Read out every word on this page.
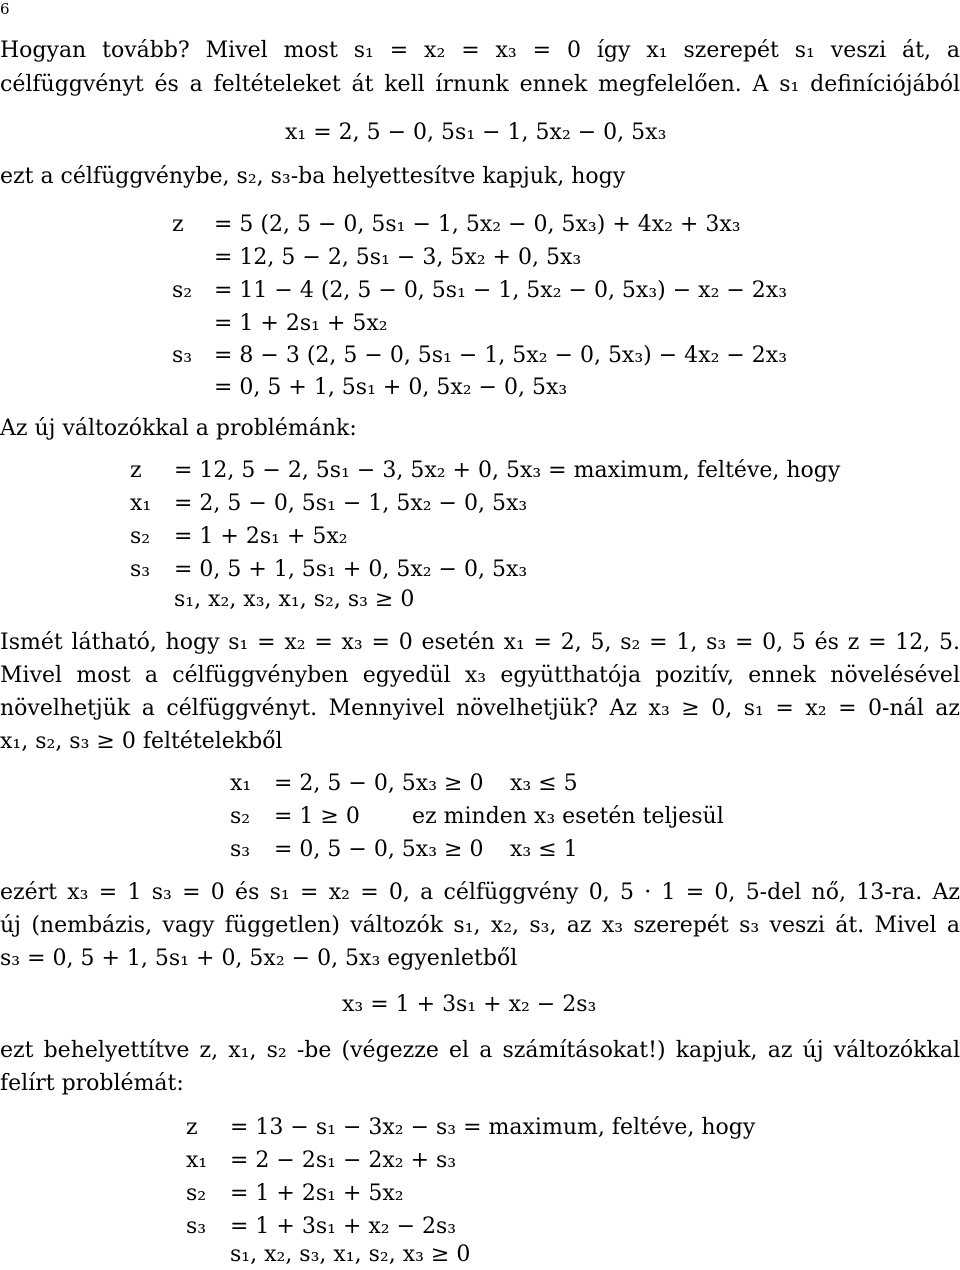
6
Hogyan tovább? Mivel most s₁ = x₂ = x₃ = 0 így x₁ szerepét s₁ veszi át, a
célfüggvényt és a feltételeket át kell írnunk ennek megfelelően. A s₁ definíciójából
x₁ = 2, 5 − 0, 5s₁ − 1, 5x₂ − 0, 5x₃
ezt a célfüggvénybe, s₂, s₃-ba helyettesítve kapjuk, hogy
z = 5 (2, 5 − 0, 5s₁ − 1, 5x₂ − 0, 5x₃) + 4x₂ + 3x₃
= 12, 5 − 2, 5s₁ − 3, 5x₂ + 0, 5x₃
s₂ = 11 − 4 (2, 5 − 0, 5s₁ − 1, 5x₂ − 0, 5x₃) − x₂ − 2x₃
= 1 + 2s₁ + 5x₂
s₃ = 8 − 3 (2, 5 − 0, 5s₁ − 1, 5x₂ − 0, 5x₃) − 4x₂ − 2x₃
= 0, 5 + 1, 5s₁ + 0, 5x₂ − 0, 5x₃
Az új változókkal a problémánk:
z = 12, 5 − 2, 5s₁ − 3, 5x₂ + 0, 5x₃ = maximum, feltéve, hogy
x₁ = 2, 5 − 0, 5s₁ − 1, 5x₂ − 0, 5x₃
s₂ = 1 + 2s₁ + 5x₂
s₃ = 0, 5 + 1, 5s₁ + 0, 5x₂ − 0, 5x₃
s₁, x₂, x₃, x₁, s₂, s₃ ≥ 0
Ismét látható, hogy s₁ = x₂ = x₃ = 0 esetén x₁ = 2, 5, s₂ = 1, s₃ = 0, 5 és z = 12, 5.
Mivel most a célfüggvényben egyedül x₃ együtthatója pozitív, ennek növelésével
növelhetjük a célfüggvényt. Mennyivel növelhetjük? Az x₃ ≥ 0, s₁ = x₂ = 0-nál az
x₁, s₂, s₃ ≥ 0 feltételekből
x₁ = 2, 5 − 0, 5x₃ ≥ 0 x₃ ≤ 5
s₂ = 1 ≥ 0 ez minden x₃ esetén teljesül
s₃ = 0, 5 − 0, 5x₃ ≥ 0 x₃ ≤ 1
ezért x₃ = 1 s₃ = 0 és s₁ = x₂ = 0, a célfüggvény 0, 5 · 1 = 0, 5-del nő, 13-ra. Az
új (nembázis, vagy független) változók s₁, x₂, s₃, az x₃ szerepét s₃ veszi át. Mivel a
s₃ = 0, 5 + 1, 5s₁ + 0, 5x₂ − 0, 5x₃ egyenletből
x₃ = 1 + 3s₁ + x₂ − 2s₃
ezt behelyettítve z, x₁, s₂ -be (végezze el a számításokat!) kapjuk, az új változókkal
felírt problémát:
z = 13 − s₁ − 3x₂ − s₃ = maximum, feltéve, hogy
x₁ = 2 − 2s₁ − 2x₂ + s₃
s₂ = 1 + 2s₁ + 5x₂
s₃ = 1 + 3s₁ + x₂ − 2s₃
s₁, x₂, s₃, x₁, s₂, x₃ ≥ 0
